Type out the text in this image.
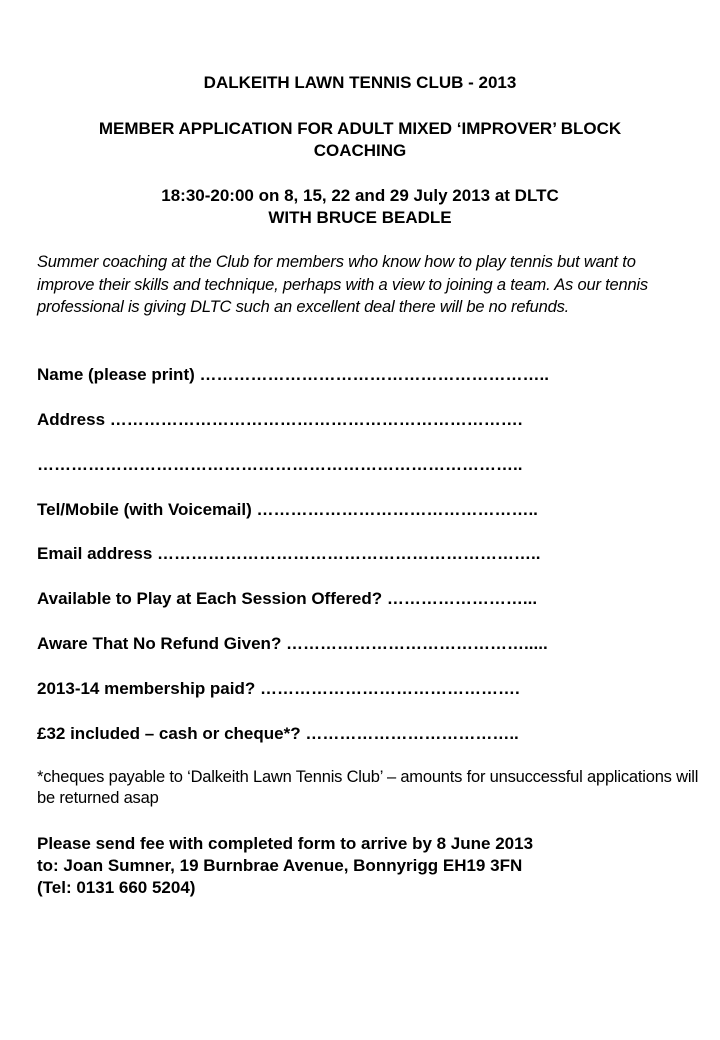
DALKEITH LAWN TENNIS CLUB - 2013
MEMBER APPLICATION FOR ADULT MIXED ‘IMPROVER’ BLOCK
COACHING
18:30-20:00 on 8, 15, 22 and 29 July 2013 at DLTC
WITH BRUCE BEADLE
Summer coaching at the Club for members who know how to play tennis but want to improve their skills and technique, perhaps with a view to joining a team. As our tennis professional is giving DLTC such an excellent deal there will be no refunds.
Name (please print) ……………………………………………………..
Address ……………………………………………………………….
…………………………………………………………………………..
Tel/Mobile (with Voicemail) …………………………………………..
Email address …………………………………………………………..
Available to Play at Each Session Offered? ……………………...
Aware That No Refund Given? …………………………………….....
2013-14 membership paid? ……………………………………….
£32 included – cash or cheque*? ………………………………..
*cheques payable to ‘Dalkeith Lawn Tennis Club’ – amounts for unsuccessful applications will be returned asap
Please send fee with completed form to arrive by 8 June 2013
to: Joan Sumner, 19 Burnbrae Avenue, Bonnyrigg EH19 3FN
(Tel: 0131 660 5204)
